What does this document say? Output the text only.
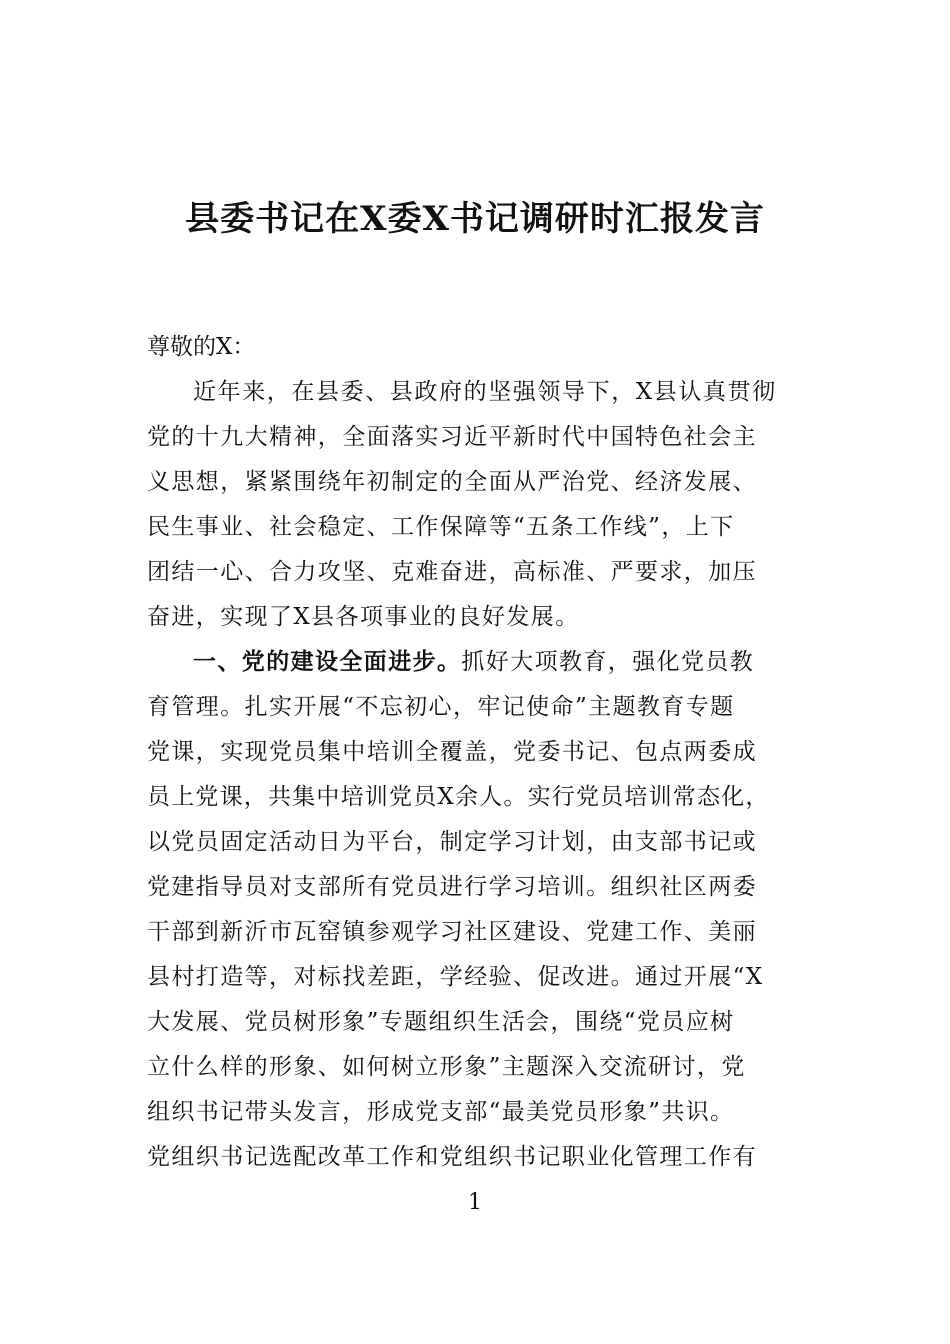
县委书记在X委X书记调研时汇报发言
尊敬的X：
近年来，在县委、县政府的坚强领导下，X县认真贯彻
党的十九大精神，全面落实习近平新时代中国特色社会主
义思想，紧紧围绕年初制定的全面从严治党、经济发展、
民生事业、社会稳定、工作保障等“五条工作线”，上下
团结一心、合力攻坚、克难奋进，高标准、严要求，加压
奋进，实现了X县各项事业的良好发展。
一、党的建设全面进步。抓好大项教育，强化党员教
育管理。扎实开展“不忘初心，牢记使命”主题教育专题
党课，实现党员集中培训全覆盖，党委书记、包点两委成
员上党课，共集中培训党员X余人。实行党员培训常态化，
以党员固定活动日为平台，制定学习计划，由支部书记或
党建指导员对支部所有党员进行学习培训。组织社区两委
干部到新沂市瓦窑镇参观学习社区建设、党建工作、美丽
县村打造等，对标找差距，学经验、促改进。通过开展“X
大发展、党员树形象”专题组织生活会，围绕“党员应树
立什么样的形象、如何树立形象”主题深入交流研讨，党
组织书记带头发言，形成党支部“最美党员形象”共识。
党组织书记选配改革工作和党组织书记职业化管理工作有
1
